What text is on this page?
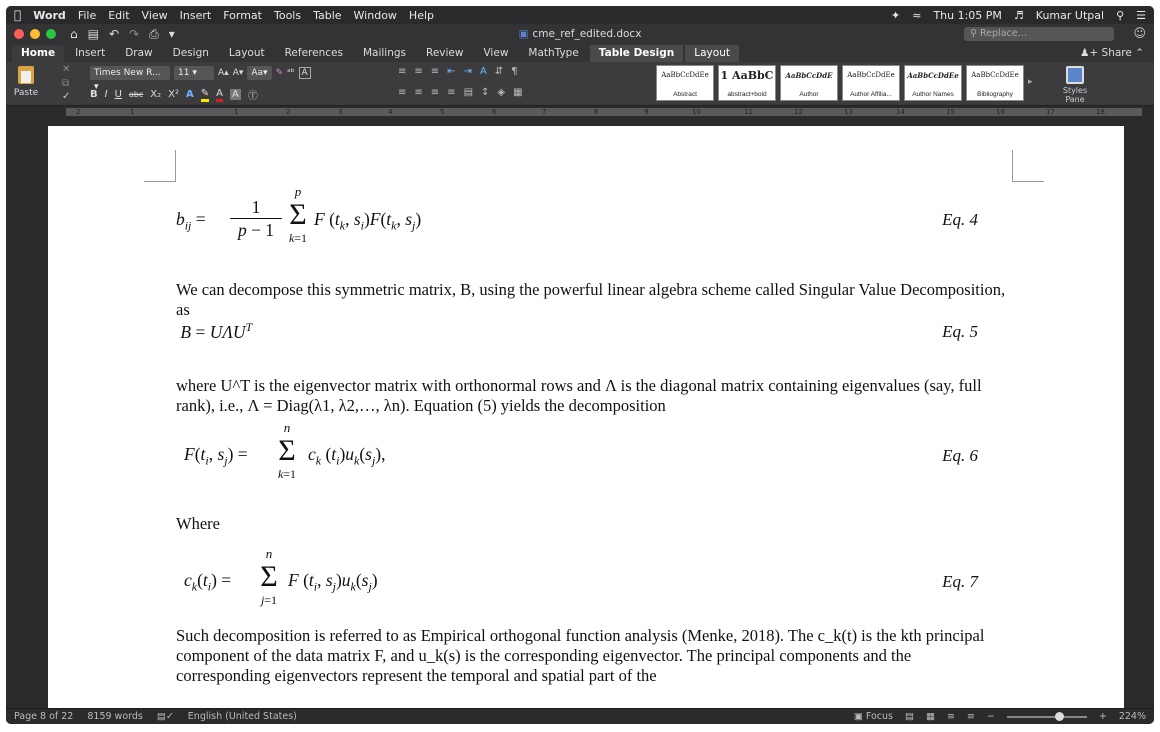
Word File Edit View Insert Format Tools Table Window Help	✦ ≈ Thu 1:05 PM ♬ Kumar Utpal ⚲ ☰
⌂ ▤ ↶ ↷ ⎙ ▾	▣ cme_ref_edited.docx	⚲ Replace…	☺
Home	Insert	Draw	Design	Layout	References	Mailings	Review	View	MathType	Table Design	Layout	♟+ Share ⌃
Paste
✕
⧉
✓
Times New R... ▾
11 ▾	A▴ A▾ Aa▾ ✎ ᵃᵇ A
B I U abc X₂ X² A ✎ A A Ⓣ
≡ ≡ ≡ ⇤ ⇥ A ⇵ ¶
≡ ≡ ≡ ≡ ▤ ↕ ◈ ▦
AaBbCcDdEe
Abstract
1 AaBbC
abstract+bold
AaBbCcDdE
Author
AaBbCcDdEe
Author Affilia...
AaBbCcDdEe
Author Names
AaBbCcDdEe
Bibliography
▸
Styles Pane
2	1	1	2	3	4	5	6	7	8	9	10	11	12	13	14	15	16	17	18
$b_{ij}$ =
1
p − 1
p
Σ
k=1
F ($t_k$, $s_i)F(t_k$, $s_j$)	Eq. 4
We can decompose this symmetric matrix, B, using the powerful linear algebra scheme called Singular Value Decomposition, as
$B = U\Lambda U^T$	Eq. 5
where U^T is the eigenvector matrix with orthonormal rows and Λ is the diagonal matrix containing eigenvalues (say, full rank), i.e., Λ = Diag(λ1, λ2,…, λn). Equation (5) yields the decomposition
$F(t_i$, $s_j$) =
n
Σ
k=1
$c_k$ $(t_i)u_k(s_j)$,	Eq. 6
Where
$c_k(t_i)$ =
n
Σ
j=1
F ($t_i$, $s_j)u_k(s_j)$	Eq. 7
Such decomposition is referred to as Empirical orthogonal function analysis (Menke, 2018). The c_k(t) is the kth principal component of the data matrix F, and u_k(s) is the corresponding eigenvector. The principal components and the corresponding eigenvectors represent the temporal and spatial part of the
Page 8 of 22 8159 words ▤✓ English (United States)	▣ Focus ▤ ▦ ≡ ≡ −	+ 224%
